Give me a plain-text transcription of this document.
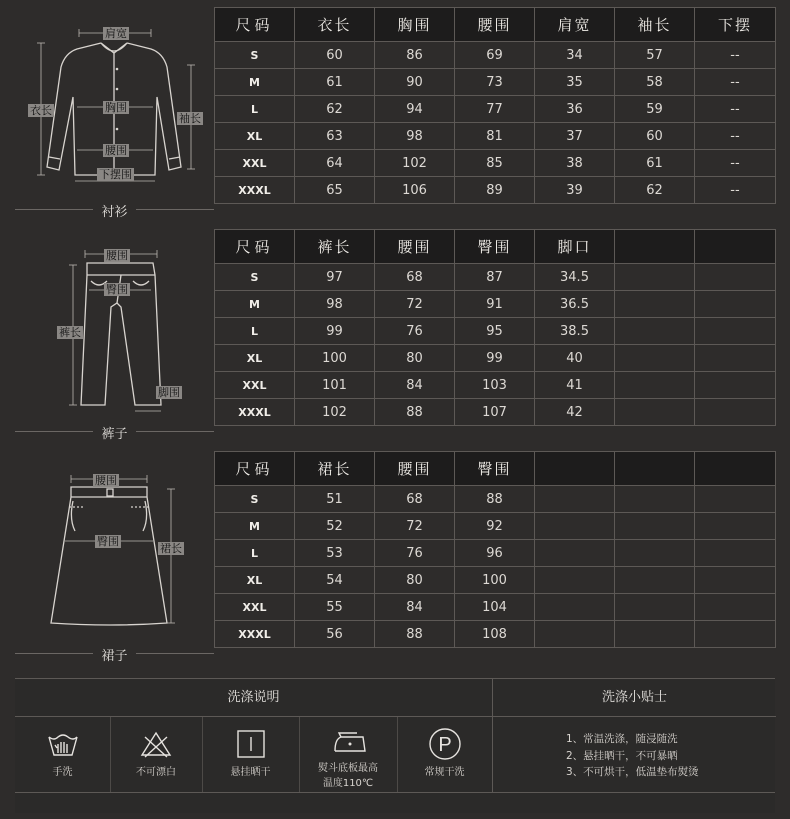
肩宽
衣长	胸围
袖长
腰围
下摆围
衬衫
尺码	衣长	胸围	腰围	肩宽	袖长	下摆
S	60	86	69	34	57	--
M	61	90	73	35	58	--
L	62	94	77	36	59	--
XL	63	98	81	37	60	--
XXL	64	102	85	38	61	--
XXXL	65	106	89	39	62	--
腰围
臀围
裤长
脚围
裤子
尺码	裤长	腰围	臀围	脚口		
S	97	68	87	34.5		
M	98	72	91	36.5		
L	99	76	95	38.5		
XL	100	80	99	40		
XXL	101	84	103	41		
XXXL	102	88	107	42		
腰围
臀围
裙长
裙子
尺码	裙长	腰围	臀围			
S	51	68	88			
M	52	72	92			
L	53	76	96			
XL	54	80	100			
XXL	55	84	104			
XXXL	56	88	108			
洗涤说明	洗涤小贴士
手洗	不可漂白	悬挂晒干	熨斗底板最高
温度110℃
P
常规干洗
1、常温洗涤，随浸随洗
2、悬挂晒干，不可暴晒
3、不可烘干，低温垫布熨烫
